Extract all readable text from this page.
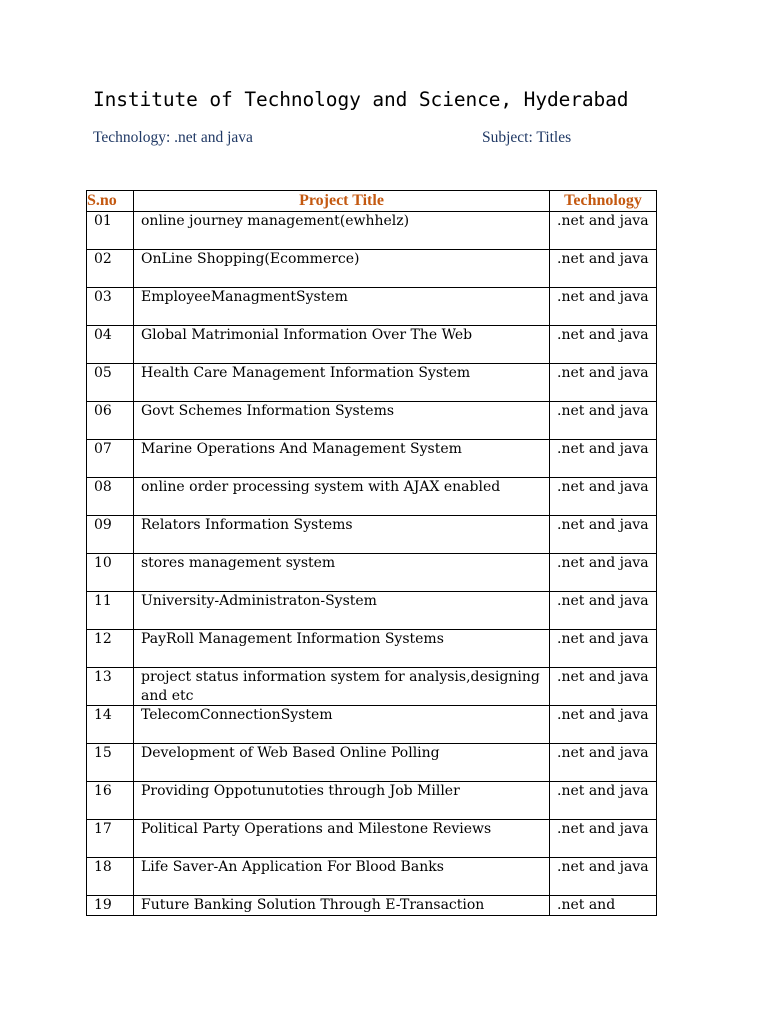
Institute of Technology and Science, Hyderabad
Technology: .net and java	Subject: Titles
S.no	Project Title	Technology
01	online journey management(ewhhelz)	.net and java
02	OnLine Shopping(Ecommerce)	.net and java
03	EmployeeManagmentSystem	.net and java
04	Global Matrimonial Information Over The Web	.net and java
05	Health Care Management Information System	.net and java
06	Govt Schemes Information Systems	.net and java
07	Marine Operations And Management System	.net and java
08	online order processing system with AJAX enabled	.net and java
09	Relators Information Systems	.net and java
10	stores management system	.net and java
11	University-Administraton-System	.net and java
12	PayRoll Management Information Systems	.net and java
13	project status information system for analysis,designing and etc	.net and java
14	TelecomConnectionSystem	.net and java
15	Development of Web Based Online Polling	.net and java
16	Providing Oppotunutoties through Job Miller	.net and java
17	Political Party Operations and Milestone Reviews	.net and java
18	Life Saver-An Application For Blood Banks	.net and java
19	Future Banking Solution Through E-Transaction	.net and
